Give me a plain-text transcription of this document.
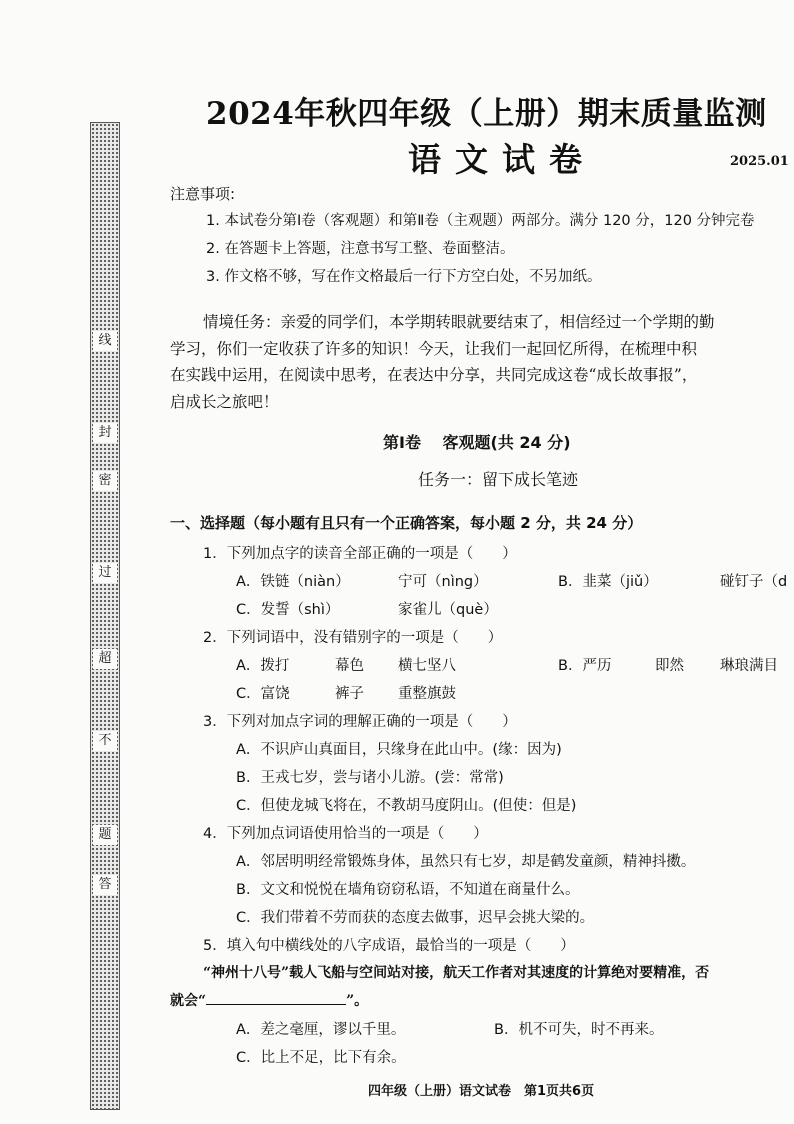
线
封
密
过
超
不
题
答
2024年秋四年级（上册）期末质量监测
语文试卷	2025.01
注意事项:
1. 本试卷分第Ⅰ卷（客观题）和第Ⅱ卷（主观题）两部分。满分 120 分，120 分钟完卷
2. 在答题卡上答题，注意书写工整、卷面整洁。
3. 作文格不够，写在作文格最后一行下方空白处，不另加纸。
情境任务：亲爱的同学们，本学期转眼就要结束了，相信经过一个学期的勤
学习，你们一定收获了许多的知识！今天，让我们一起回忆所得，在梳理中积
在实践中运用，在阅读中思考，在表达中分享，共同完成这卷“成长故事报”，
启成长之旅吧！
第Ⅰ卷　 客观题(共 24 分)
任务一：留下成长笔迹
一、选择题（每小题有且只有一个正确答案，每小题 2 分，共 24 分）
1．下列加点字的读音全部正确的一项是（　　）
A．铁链（niàn）	宁可（nìng）	B．韭菜（jiǔ）	碰钉子（d
C．发誓（shì）	家雀儿（què）
2．下列词语中，没有错别字的一项是（　　）
A．拨打	幕色 横七坚八	B．严历	即然 琳琅满目
C．富饶	裤子 重整旗鼓
3．下列对加点字词的理解正确的一项是（　　）
A．不识庐山真面目，只缘身在此山中。(缘：因为)
B．王戎七岁，尝与诸小儿游。(尝：常常)
C．但使龙城飞将在，不教胡马度阴山。(但使：但是)
4．下列加点词语使用恰当的一项是（　　）
A．邻居明明经常锻炼身体，虽然只有七岁，却是鹤发童颜，精神抖擞。
B．文文和悦悦在墙角窃窃私语，不知道在商量什么。
C．我们带着不劳而获的态度去做事，迟早会挑大梁的。
5．填入句中横线处的八字成语，最恰当的一项是（　　）
“神州十八号”载人飞船与空间站对接，航天工作者对其速度的计算绝对要精准，否
就会“	”。
A．差之毫厘，谬以千里。	B．机不可失，时不再来。
C．比上不足，比下有余。
四年级（上册）语文试卷　第1页共6页
